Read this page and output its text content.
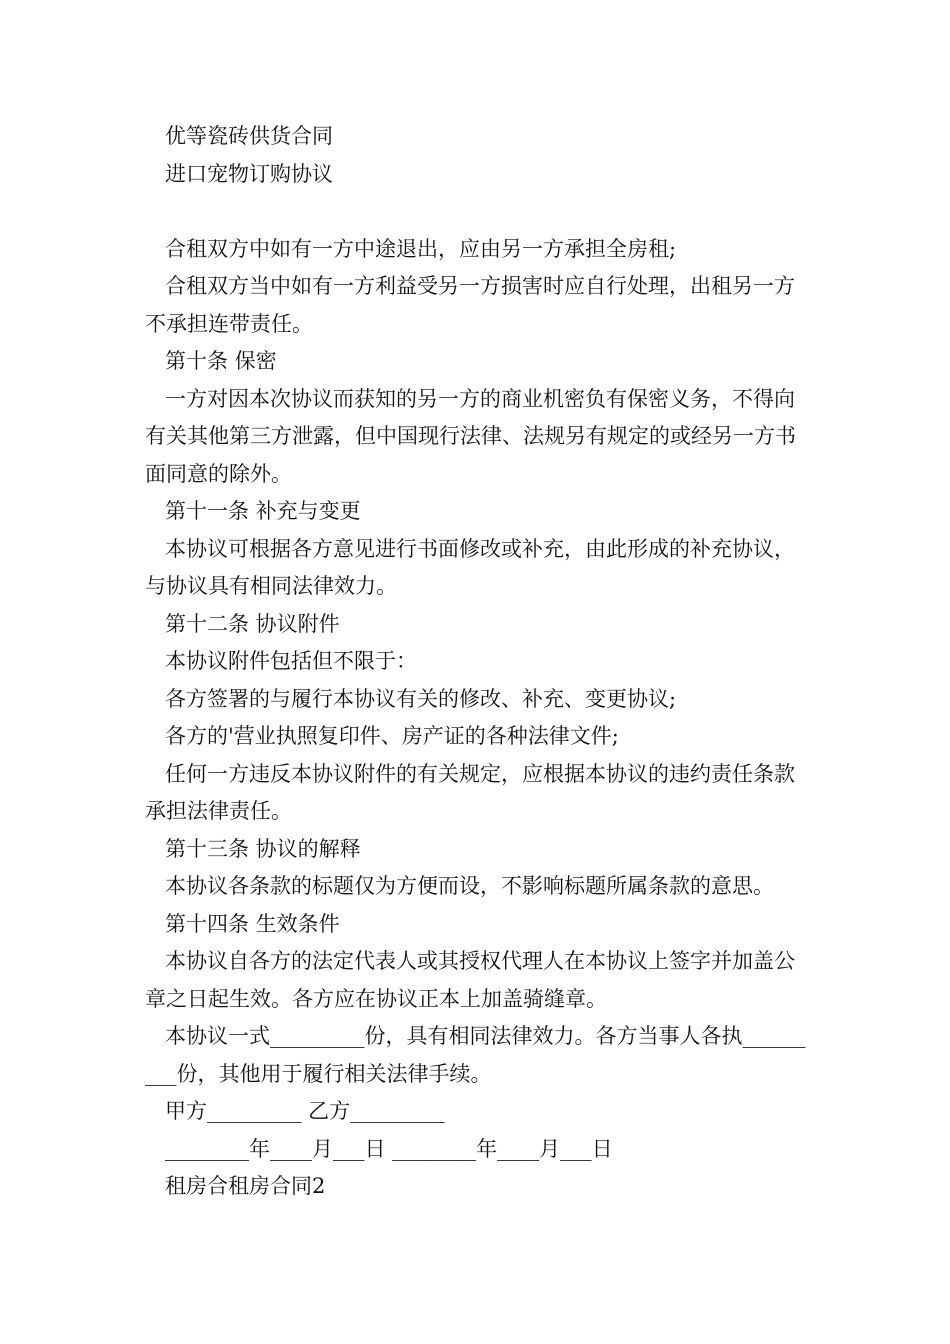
优等瓷砖供货合同

进口宠物订购协议

合租双方中如有一方中途退出，应由另一方承担全房租;

合租双方当中如有一方利益受另一方损害时应自行处理，出租另一方不承担连带责任。

第十条 保密

一方对因本次协议而获知的另一方的商业机密负有保密义务，不得向有关其他第三方泄露，但中国现行法律、法规另有规定的或经另一方书面同意的除外。

第十一条 补充与变更

本协议可根据各方意见进行书面修改或补充，由此形成的补充协议，与协议具有相同法律效力。

第十二条 协议附件

本协议附件包括但不限于：

各方签署的与履行本协议有关的修改、补充、变更协议;

各方的'营业执照复印件、房产证的各种法律文件;

任何一方违反本协议附件的有关规定，应根据本协议的违约责任条款承担法律责任。

第十三条 协议的解释

本协议各条款的标题仅为方便而设，不影响标题所属条款的意思。

第十四条 生效条件

本协议自各方的法定代表人或其授权代理人在本协议上签字并加盖公章之日起生效。各方应在协议正本上加盖骑缝章。

本协议一式_________份，具有相同法律效力。各方当事人各执_________份，其他用于履行相关法律手续。

甲方_________ 乙方_________

________年____月___日 ________年____月___日

租房合租房合同2
